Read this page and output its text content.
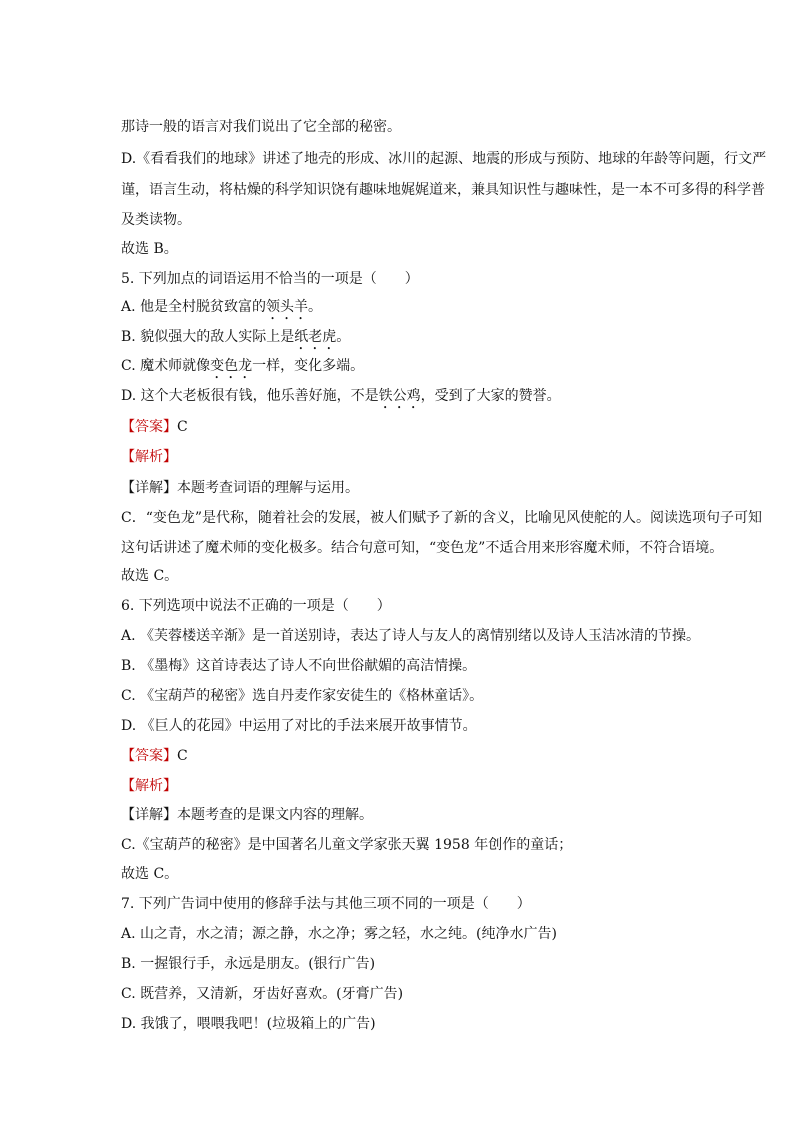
那诗一般的语言对我们说出了它全部的秘密。
D.《看看我们的地球》讲述了地壳的形成、冰川的起源、地震的形成与预防、地球的年龄等问题，行文严
谨，语言生动，将枯燥的科学知识饶有趣味地娓娓道来，兼具知识性与趣味性，是一本不可多得的科学普
及类读物。
故选 B。
5. 下列加点的词语运用不恰当的一项是（　　）
A. 他是全村脱贫致富的领头羊。
B. 貌似强大的敌人实际上是纸老虎。
C. 魔术师就像变色龙一样，变化多端。
D. 这个大老板很有钱，他乐善好施，不是铁公鸡，受到了大家的赞誉。
【答案】C
【解析】
【详解】本题考查词语的理解与运用。
C．“变色龙”是代称，随着社会的发展，被人们赋予了新的含义，比喻见风使舵的人。阅读选项句子可知
这句话讲述了魔术师的变化极多。结合句意可知，“变色龙”不适合用来形容魔术师，不符合语境。
故选 C。
6. 下列选项中说法不正确的一项是（　　）
A. 《芙蓉楼送辛渐》是一首送别诗，表达了诗人与友人的离情别绪以及诗人玉洁冰清的节操。
B. 《墨梅》这首诗表达了诗人不向世俗献媚的高洁情操。
C. 《宝葫芦的秘密》选自丹麦作家安徒生的《格林童话》。
D. 《巨人的花园》中运用了对比的手法来展开故事情节。
【答案】C
【解析】
【详解】本题考查的是课文内容的理解。
C.《宝葫芦的秘密》是中国著名儿童文学家张天翼 1958 年创作的童话；
故选 C。
7. 下列广告词中使用的修辞手法与其他三项不同的一项是（　　）
A. 山之青，水之清；源之静，水之净；雾之轻，水之纯。(纯净水广告)
B. 一握银行手，永远是朋友。(银行广告)
C. 既营养，又清新，牙齿好喜欢。(牙膏广告)
D. 我饿了，喂喂我吧！(垃圾箱上的广告)
